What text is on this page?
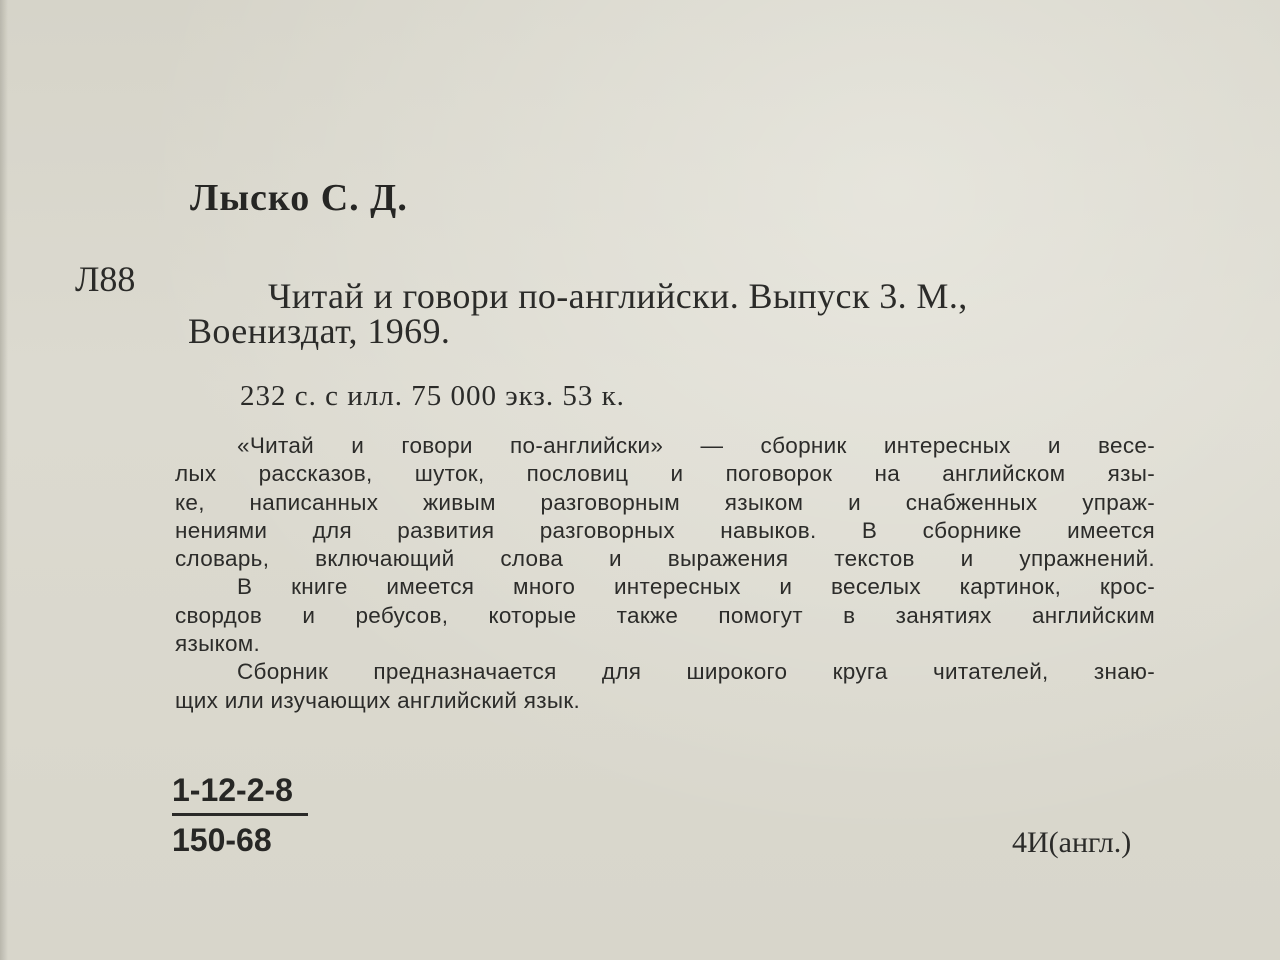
Лыско С. Д.
Л88	Читай и говори по-английски. Выпуск 3. М.,
Воениздат, 1969.
232 с. с илл. 75 000 экз. 53 к.
«Читай и говори по-английски» — сборник интересных и весе-
лых рассказов, шуток, пословиц и поговорок на английском язы-
ке, написанных живым разговорным языком и снабженных упраж-
нениями для развития разговорных навыков. В сборнике имеется
словарь, включающий слова и выражения текстов и упражнений.
В книге имеется много интересных и веселых картинок, крос-
свордов и ребусов, которые также помогут в занятиях английским
языком.
Сборник предназначается для широкого круга читателей, знаю-
щих или изучающих английский язык.
1-12-2-8
150-68	4И(англ.)
